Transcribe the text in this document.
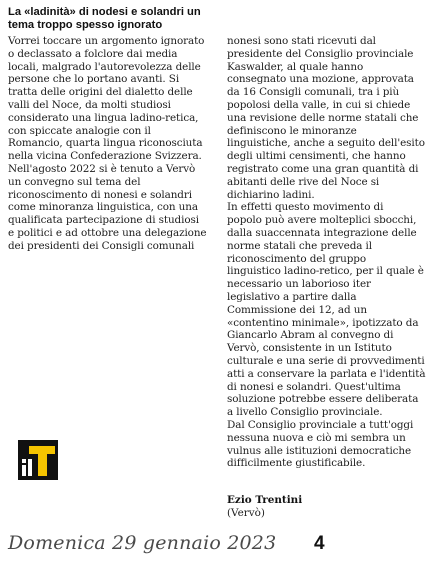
La «ladinità» di nodesi e solandri un tema troppo spesso ignorato

Vorrei toccare un argomento ignorato
o declassato a folclore dai media
locali, malgrado l'autorevolezza delle
persone che lo portano avanti. Si
tratta delle origini del dialetto delle
valli del Noce, da molti studiosi
considerato una lingua ladino-retica,
con spiccate analogie con il
Romancio, quarta lingua riconosciuta
nella vicina Confederazione Svizzera.
Nell'agosto 2022 si è tenuto a Vervò
un convegno sul tema del
riconoscimento di nonesi e solandri
come minoranza linguistica, con una
qualificata partecipazione di studiosi
e politici e ad ottobre una delegazione
dei presidenti dei Consigli comunali

nonesi sono stati ricevuti dal
presidente del Consiglio provinciale
Kaswalder, al quale hanno
consegnato una mozione, approvata
da 16 Consigli comunali, tra i più
popolosi della valle, in cui si chiede
una revisione delle norme statali che
definiscono le minoranze
linguistiche, anche a seguito dell'esito
degli ultimi censimenti, che hanno
registrato come una gran quantità di
abitanti delle rive del Noce si
dichiarino ladini.
In effetti questo movimento di
popolo può avere molteplici sbocchi,
dalla suaccennata integrazione delle
norme statali che preveda il
riconoscimento del gruppo
linguistico ladino-retico, per il quale è
necessario un laborioso iter
legislativo a partire dalla
Commissione dei 12, ad un
«contentino minimale», ipotizzato da
Giancarlo Abram al convegno di
Vervò, consistente in un Istituto
culturale e una serie di provvedimenti
atti a conservare la parlata e l'identità
di nonesi e solandri. Quest'ultima
soluzione potrebbe essere deliberata
a livello Consiglio provinciale.
Dal Consiglio provinciale a tutt'oggi
nessuna nuova e ciò mi sembra un
vulnus alle istituzioni democratiche
difficilmente giustificabile.

Ezio Trentini
(Vervò)
Domenica 29 gennaio 2023 4
